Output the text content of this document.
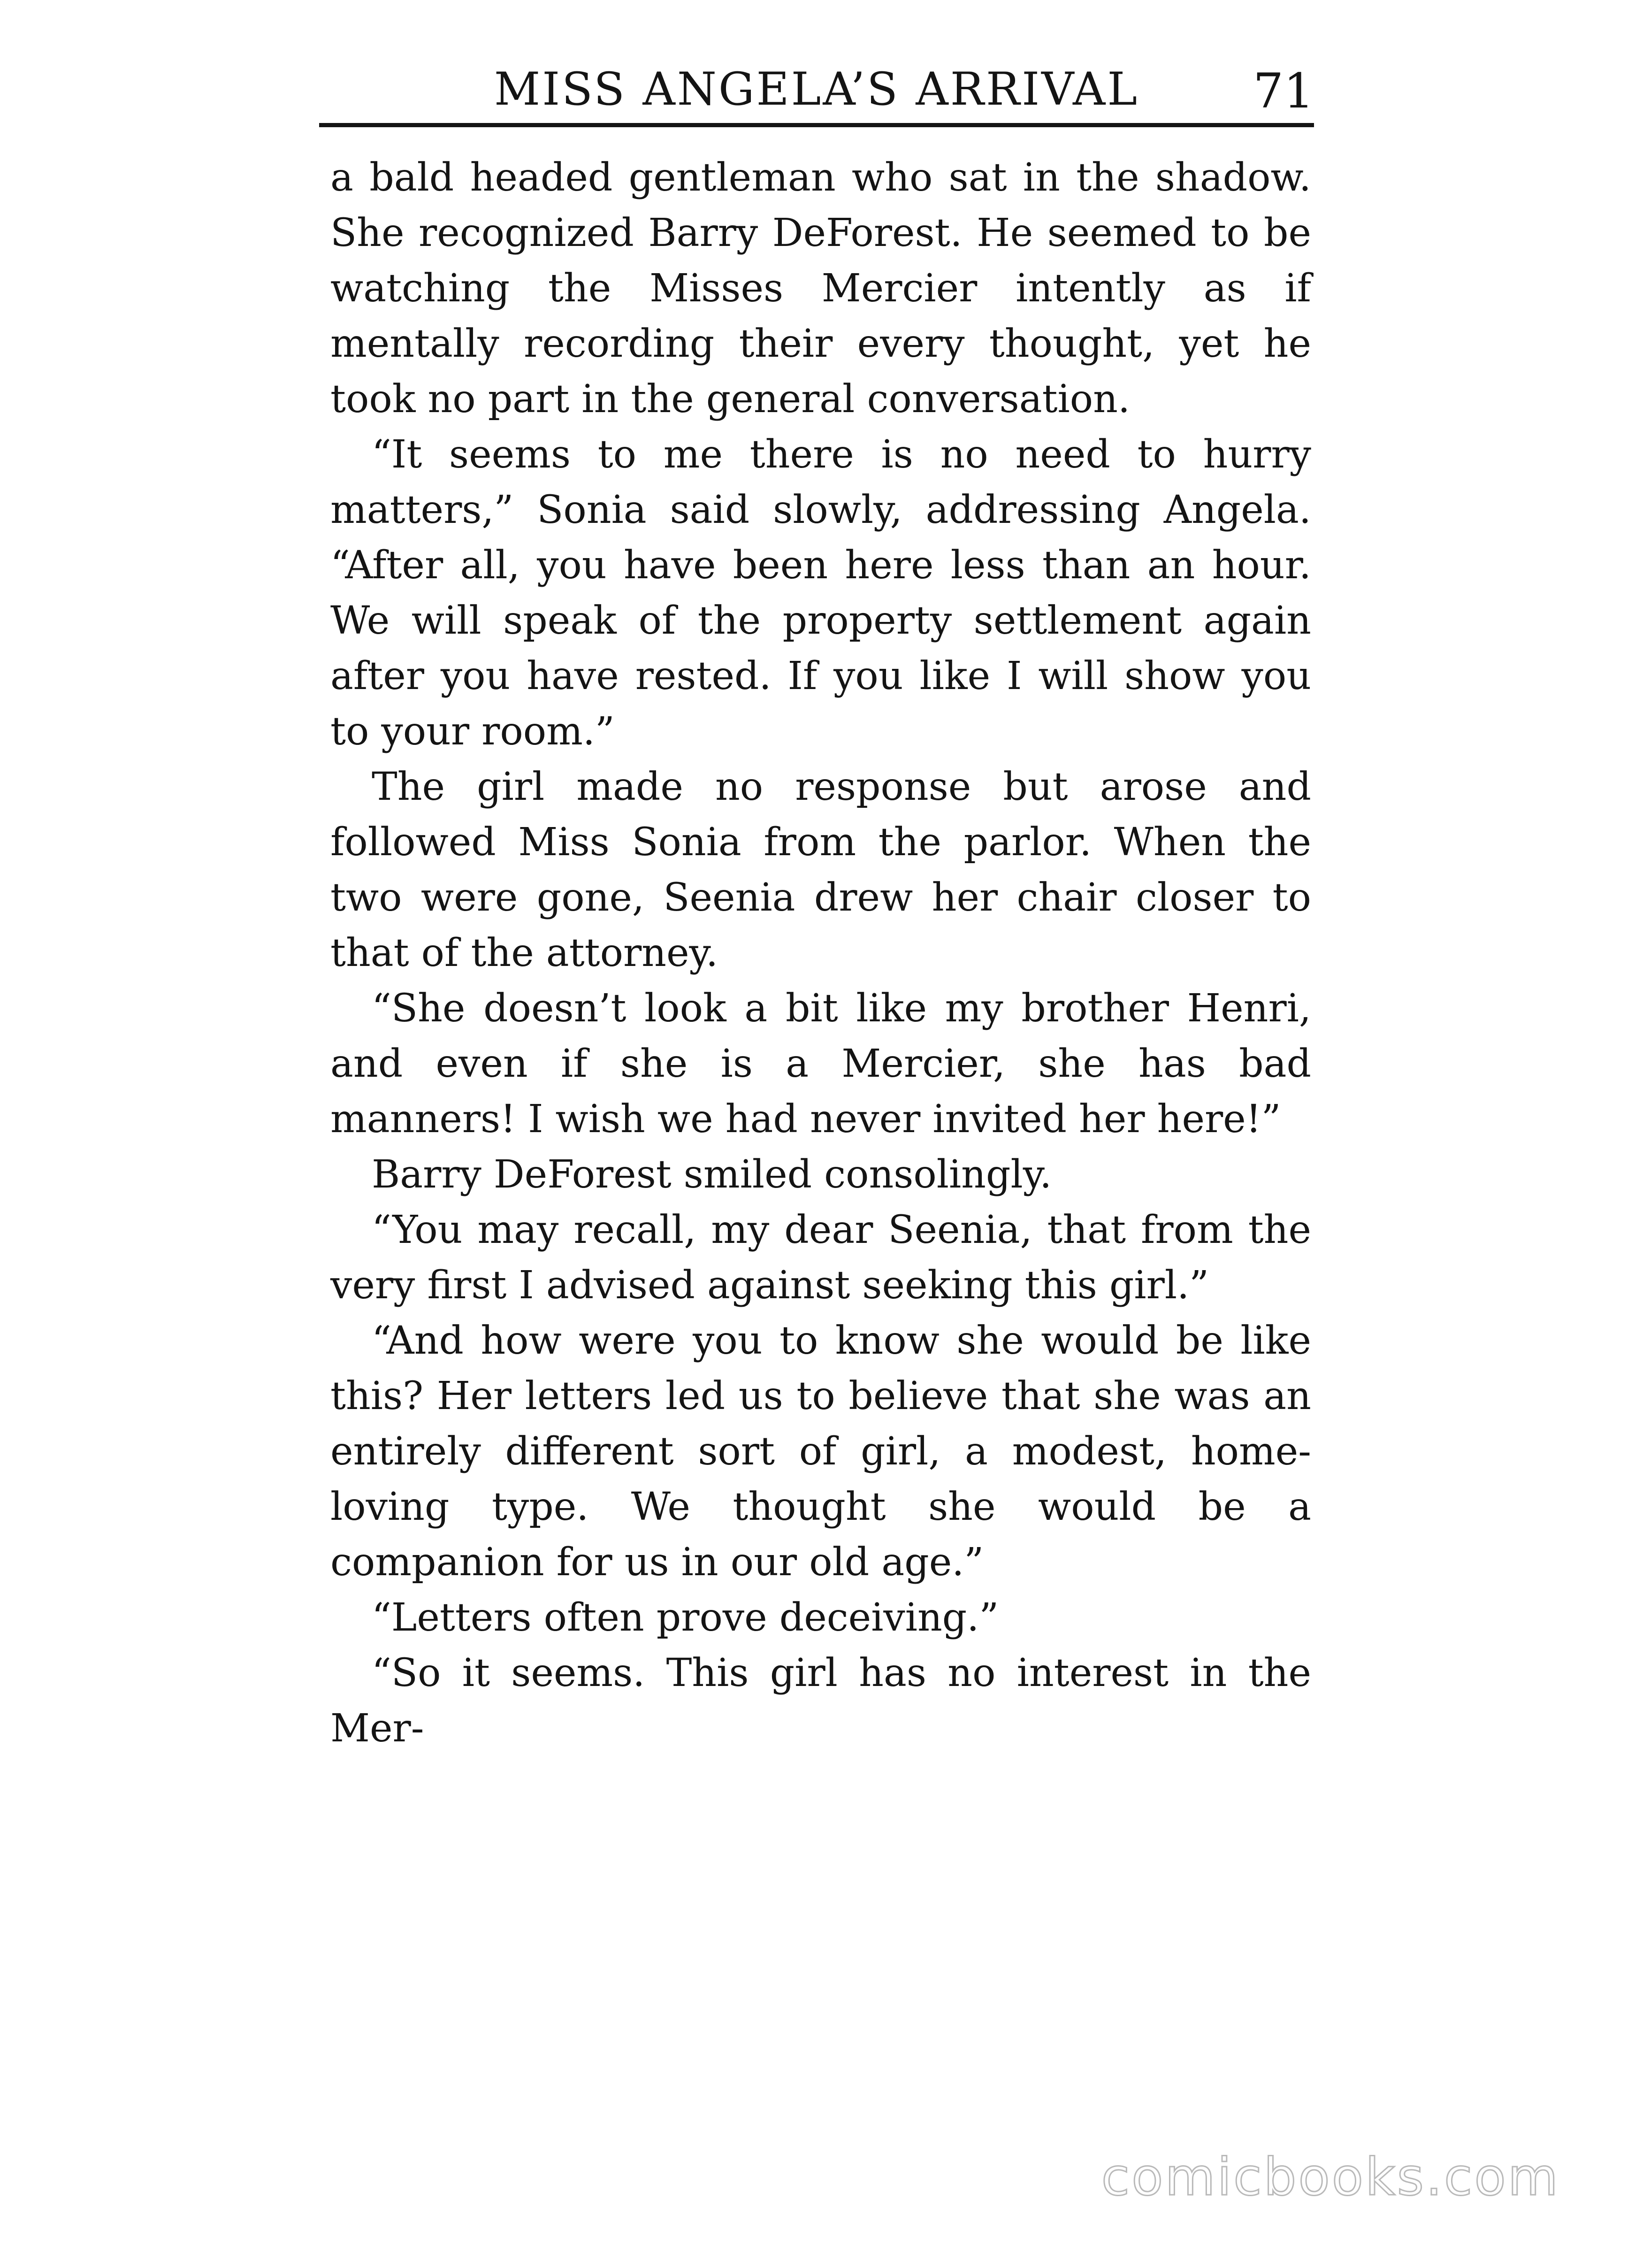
MISS ANGELA’S ARRIVAL	71

a bald headed gentleman who sat in the shadow. She recognized Barry DeForest. He seemed to be watching the Misses Mercier intently as if mentally recording their every thought, yet he took no part in the general conversation.

“It seems to me there is no need to hurry matters,” Sonia said slowly, addressing Angela. “After all, you have been here less than an hour. We will speak of the property settlement again after you have rested. If you like I will show you to your room.”

The girl made no response but arose and followed Miss Sonia from the parlor. When the two were gone, Seenia drew her chair closer to that of the attorney.

“She doesn’t look a bit like my brother Henri, and even if she is a Mercier, she has bad manners! I wish we had never invited her here!”

Barry DeForest smiled consolingly.

“You may recall, my dear Seenia, that from the very first I advised against seeking this girl.”

“And how were you to know she would be like this? Her letters led us to believe that she was an entirely different sort of girl, a modest, home-loving type. We thought she would be a companion for us in our old age.”

“Letters often prove deceiving.”

“So it seems. This girl has no interest in the Mer-

comicbooks.com
